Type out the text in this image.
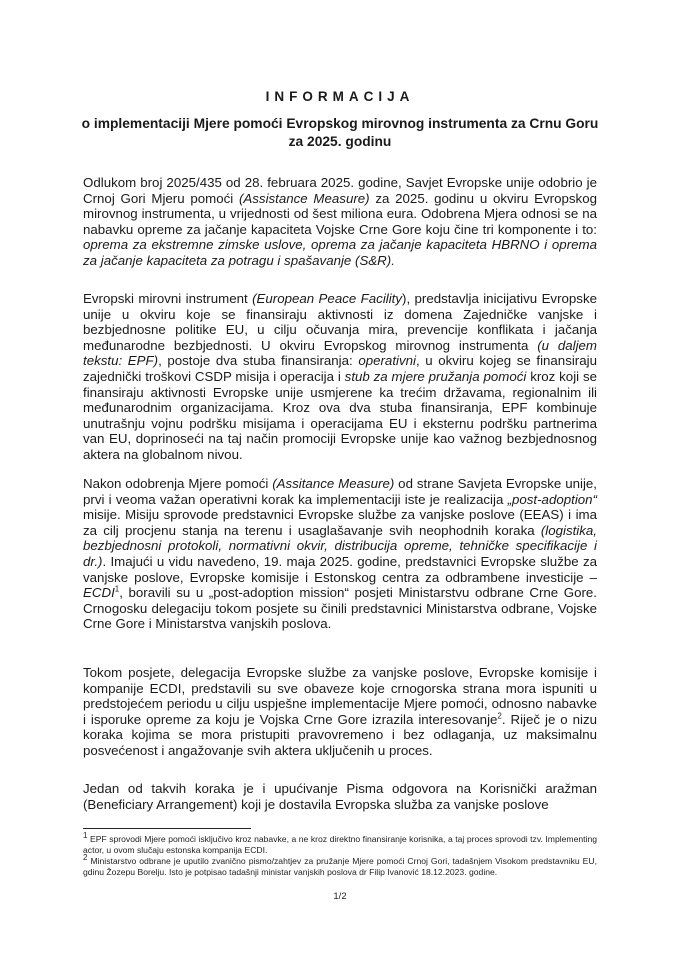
INFORMACIJA
o implementaciji Mjere pomoći Evropskog mirovnog instrumenta za Crnu Goru
za 2025. godinu

Odlukom broj 2025/435 od 28. februara 2025. godine, Savjet Evropske unije odobrio je Crnoj Gori Mjeru pomoći (Assistance Measure) za 2025. godinu u okviru Evropskog mirovnog instrumenta, u vrijednosti od šest miliona eura. Odobrena Mjera odnosi se na nabavku opreme za jačanje kapaciteta Vojske Crne Gore koju čine tri komponente i to: oprema za ekstremne zimske uslove, oprema za jačanje kapaciteta HBRNO i oprema za jačanje kapaciteta za potragu i spašavanje (S&R).

Evropski mirovni instrument (European Peace Facility), predstavlja inicijativu Evropske unije u okviru koje se finansiraju aktivnosti iz domena Zajedničke vanjske i bezbjednosne politike EU, u cilju očuvanja mira, prevencije konflikata i jačanja međunarodne bezbjednosti. U okviru Evropskog mirovnog instrumenta (u daljem tekstu: EPF), postoje dva stuba finansiranja: operativni, u okviru kojeg se finansiraju zajednički troškovi CSDP misija i operacija i stub za mjere pružanja pomoći kroz koji se finansiraju aktivnosti Evropske unije usmjerene ka trećim državama, regionalnim ili međunarodnim organizacijama. Kroz ova dva stuba finansiranja, EPF kombinuje unutrašnju vojnu podršku misijama i operacijama EU i eksternu podršku partnerima van EU, doprinoseći na taj način promociji Evropske unije kao važnog bezbjednosnog aktera na globalnom nivou.

Nakon odobrenja Mjere pomoći (Assitance Measure) od strane Savjeta Evropske unije, prvi i veoma važan operativni korak ka implementaciji iste je realizacija „post-adoption“ misije. Misiju sprovode predstavnici Evropske službe za vanjske poslove (EEAS) i ima za cilj procjenu stanja na terenu i usaglašavanje svih neophodnih koraka (logistika, bezbjednosni protokoli, normativni okvir, distribucija opreme, tehničke specifikacije i dr.). Imajući u vidu navedeno, 19. maja 2025. godine, predstavnici Evropske službe za vanjske poslove, Evropske komisije i Estonskog centra za odbrambene investicije – ECDI$^1$, boravili su u „post-adoption mission“ posjeti Ministarstvu odbrane Crne Gore. Crnogosku delegaciju tokom posjete su činili predstavnici Ministarstva odbrane, Vojske Crne Gore i Ministarstva vanjskih poslova.

Tokom posjete, delegacija Evropske službe za vanjske poslove, Evropske komisije i kompanije ECDI, predstavili su sve obaveze koje crnogorska strana mora ispuniti u predstojećem periodu u cilju uspješne implementacije Mjere pomoći, odnosno nabavke i isporuke opreme za koju je Vojska Crne Gore izrazila interesovanje$^2$. Riječ je o nizu koraka kojima se mora pristupiti pravovremeno i bez odlaganja, uz maksimalnu posvećenost i angažovanje svih aktera uključenih u proces.

Jedan od takvih koraka je i upućivanje Pisma odgovora na Korisnički aražman (Beneficiary Arrangement) koji je dostavila Evropska služba za vanjske poslove

$^1$ EPF sprovodi Mjere pomoći isključivo kroz nabavke, a ne kroz direktno finansiranje korisnika, a taj proces sprovodi tzv. Implementing actor, u ovom slučaju estonska kompanija ECDI.

$^2$ Ministarstvo odbrane je uputilo zvanično pismo/zahtjev za pružanje Mjere pomoći Crnoj Gori, tadašnjem Visokom predstavniku EU, gdinu Žozepu Borelju. Isto je potpisao tadašnji ministar vanjskih poslova dr Filip Ivanović 18.12.2023. godine.

1/2
